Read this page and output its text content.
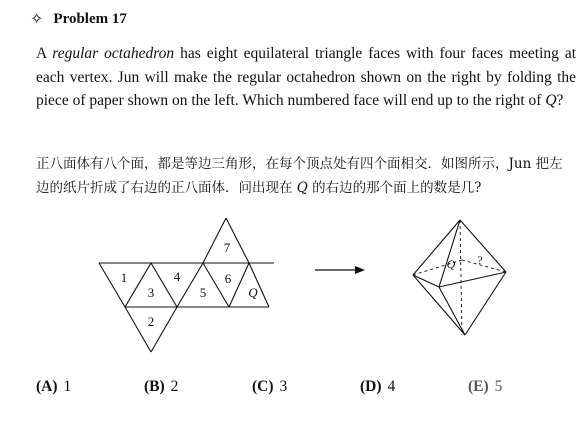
✧ Problem 17

A regular octahedron has eight equilateral triangle faces with four faces meeting at each vertex. Jun will make the regular octahedron shown on the right by folding the piece of paper shown on the left. Which numbered face will end up to the right of Q?

正八面体有八个面，都是等边三角形，在每个顶点处有四个面相交．如图所示，Jun 把左边的纸片折成了右边的正八面体．问出现在 Q 的右边的那个面上的数是几?

1
3
4
5
6
Q
7
2
Q ?
(A) 1	(B) 2	(C) 3	(D) 4	(E) 5
